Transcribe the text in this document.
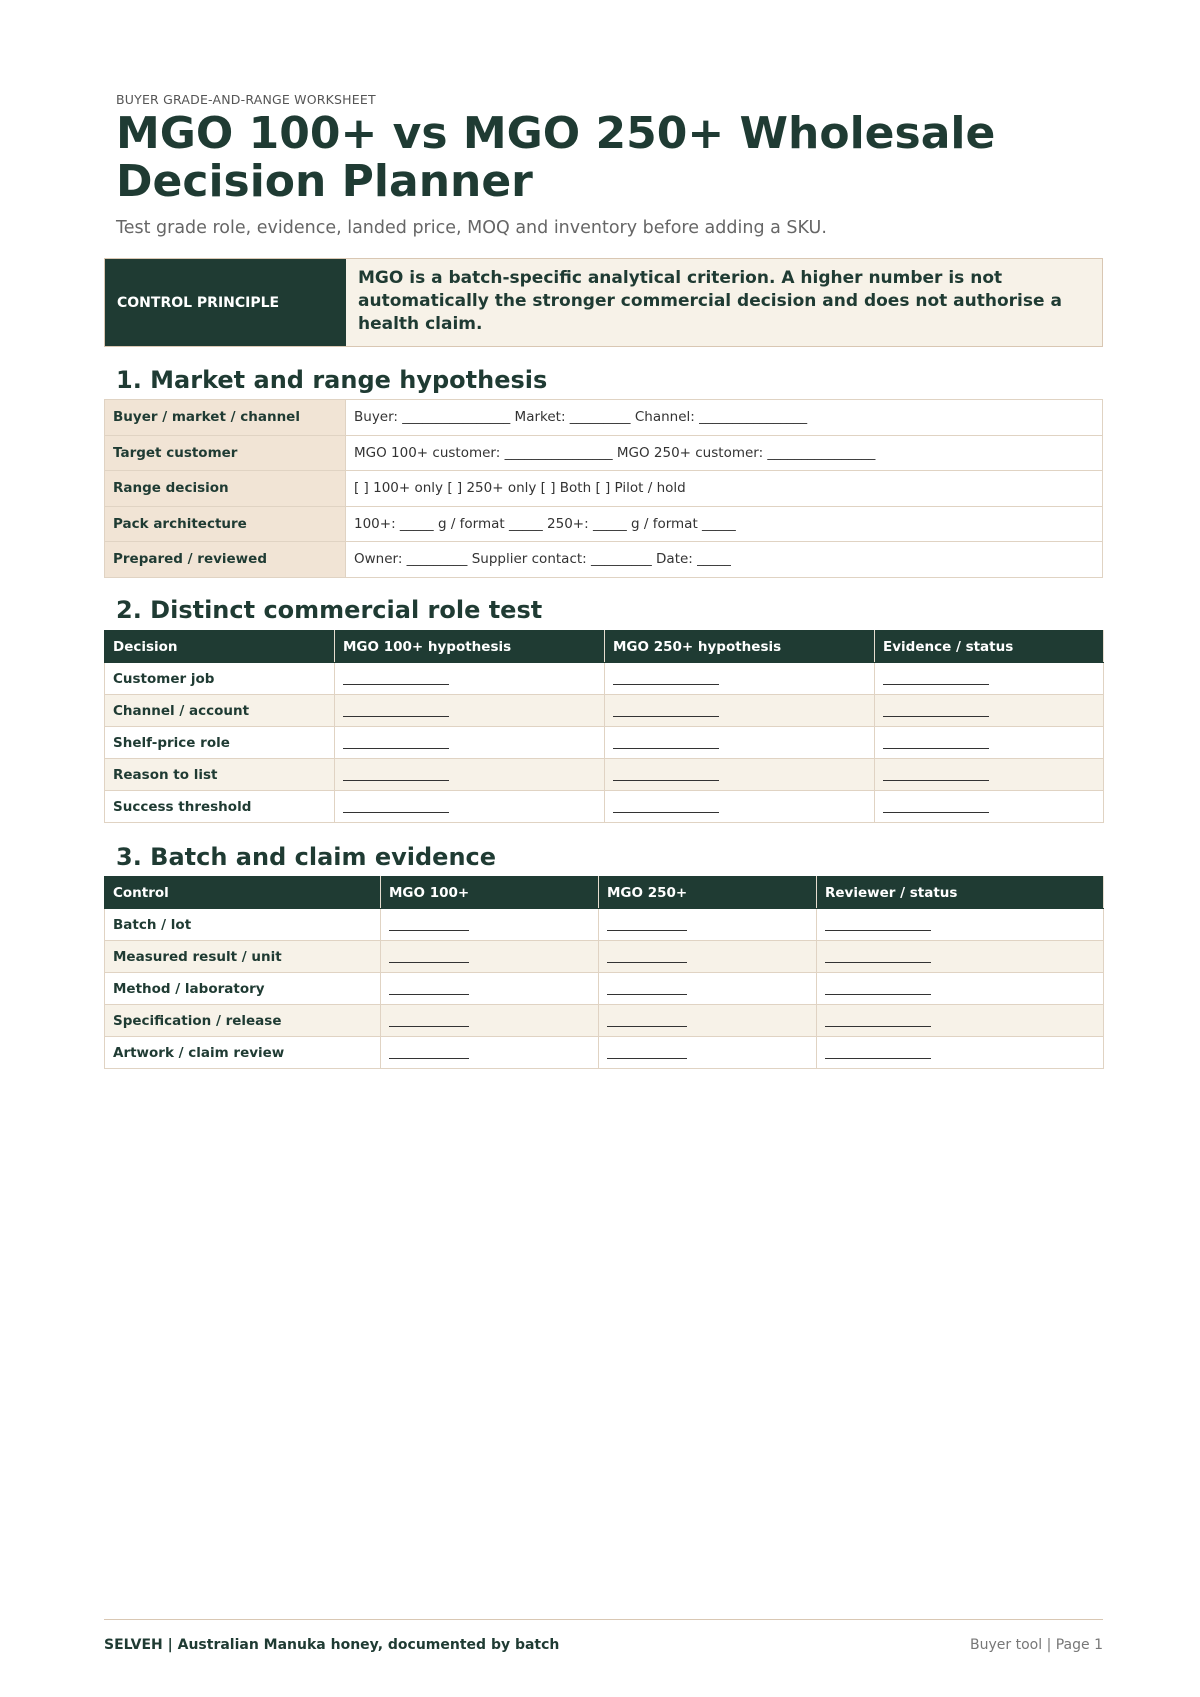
BUYER GRADE-AND-RANGE WORKSHEET
MGO 100+ vs MGO 250+ Wholesale Decision Planner
Test grade role, evidence, landed price, MOQ and inventory before adding a SKU.
CONTROL PRINCIPLE
MGO is a batch-specific analytical criterion. A higher number is not automatically the stronger commercial decision and does not authorise a health claim.
1. Market and range hypothesis
Buyer / market / channel	Buyer: ________________ Market: _________ Channel: ________________
Target customer	MGO 100+ customer: ________________ MGO 250+ customer: ________________
Range decision	[ ] 100+ only [ ] 250+ only [ ] Both [ ] Pilot / hold
Pack architecture	100+: _____ g / format _____ 250+: _____ g / format _____
Prepared / reviewed	Owner: _________ Supplier contact: _________ Date: _____
2. Distinct commercial role test
Decision	MGO 100+ hypothesis	MGO 250+ hypothesis	Evidence / status
Customer job			
Channel / account			
Shelf-price role			
Reason to list			
Success threshold			
3. Batch and claim evidence
Control	MGO 100+	MGO 250+	Reviewer / status
Batch / lot			
Measured result / unit			
Method / laboratory			
Specification / release			
Artwork / claim review			
SELVEH | Australian Manuka honey, documented by batch	Buyer tool | Page 1
